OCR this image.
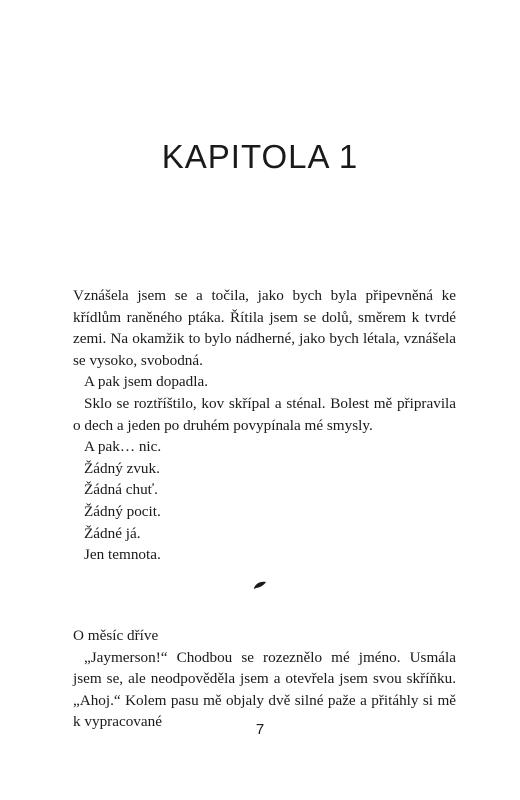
KAPITOLA 1

Vznášela jsem se a točila, jako bych byla připevněná ke křídlům raněného ptáka. Řítila jsem se dolů, směrem k tvrdé zemi. Na okamžik to bylo nádherné, jako bych létala, vznášela se vysoko, svobodná.

A pak jsem dopadla.

Sklo se roztříštilo, kov skřípal a sténal. Bolest mě připravila o dech a jeden po druhém povypínala mé smysly.

A pak… nic.

Žádný zvuk.

Žádná chuť.

Žádný pocit.

Žádné já.

Jen temnota.

O měsíc dříve

„Jaymerson!“ Chodbou se rozeznělo mé jméno. Usmála jsem se, ale neodpověděla jsem a otevřela jsem svou skříňku. „Ahoj.“ Kolem pasu mě objaly dvě silné paže a přitáhly si mě k vypracované	7
